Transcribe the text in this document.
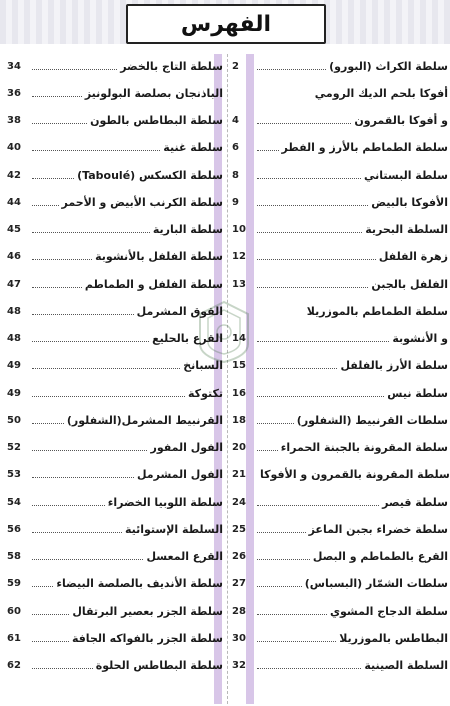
الفهرس
2	سلطة الكراث (البورو)
أفوكا بلحم الديك الرومي
4	و أفوكا بالقمرون
6	سلطة الطماطم بالأرز و الفطر
8	سلطة البستاني
9	الأفوكا بالبيض
10	السلطة البحرية
12	زهرة الفلفل
13	الفلفل بالجبن
سلطة الطماطم بالموزريلا
14	و الأنشوبة
15	سلطة الأرز بالفلفل
16	سلطة نيس
18	سلطات القرنبيط (الشفلور)
20	سلطة المقرونة بالجبنة الحمراء
21	سلطة المقرونة بالقمرون و الأفوكا
24	سلطة قيصر
25	سلطة خضراء بجبن الماعز
26	القرع بالطماطم و البصل
27	سلطات الشمّار (البسباس)
28	سلطة الدجاج المشوي
30	البطاطس بالموزريلا
32	السلطة الصينية
34	سلطة التاج بالخضر
36	الباذنجان بصلصة البولونيز
38	سلطة البطاطس بالطون
40	سلطة غنية
42	سلطة الكسكس (Taboulé)
44	سلطة الكرنب الأبيض و الأحمر
45	سلطة البارية
46	سلطة الفلفل بالأنشوبة
47	سلطة الفلفل و الطماطم
48	القوق المشرمل
48	القرع بالحليع
49	السبانخ
49	تكتوكة
50	القرنبيط المشرمل(الشفلور)
52	الفول المفور
53	الفول المشرمل
54	سلطة اللوبيا الخضراء
56	السلطة الإستوائية
58	القرع المعسل
59	سلطة الأنديف بالصلصة البيضاء
60	سلطة الجزر بعصير البرتقال
61	سلطة الجزر بالفواكه الجافة
62	سلطة البطاطس الحلوة
